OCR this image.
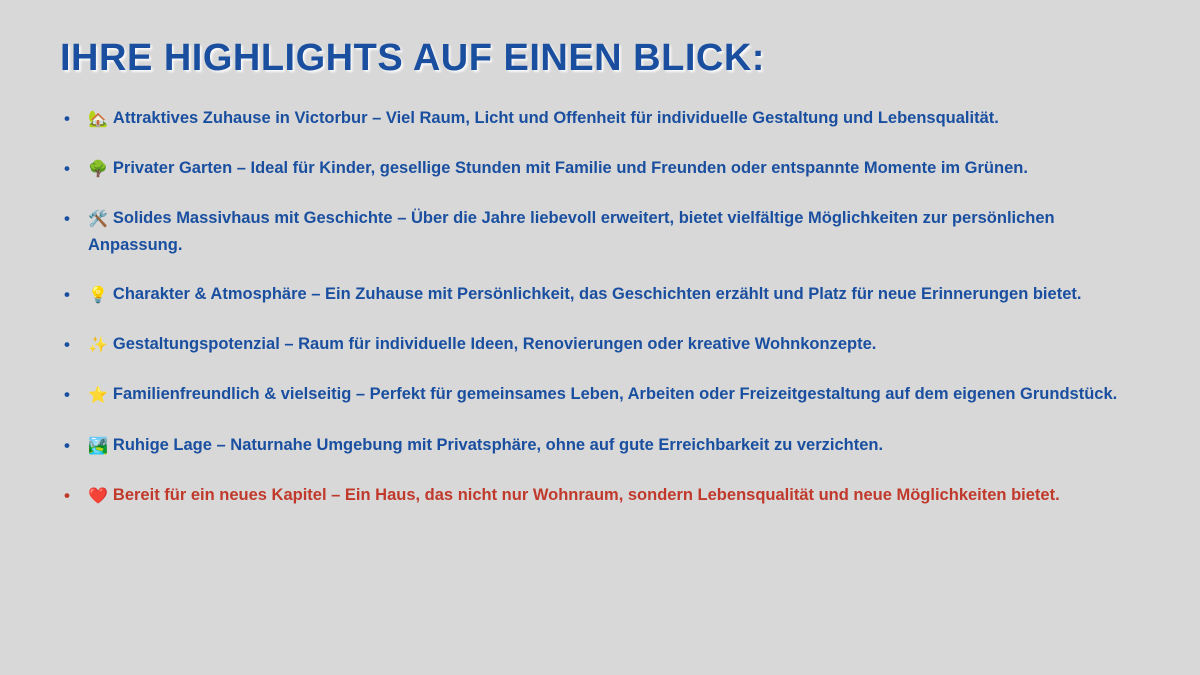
IHRE HIGHLIGHTS AUF EINEN BLICK:
• 🏡 Attraktives Zuhause in Victorbur – Viel Raum, Licht und Offenheit für individuelle Gestaltung und Lebensqualität.
• 🌳 Privater Garten – Ideal für Kinder, gesellige Stunden mit Familie und Freunden oder entspannte Momente im Grünen.
• 🛠️ Solides Massivhaus mit Geschichte – Über die Jahre liebevoll erweitert, bietet vielfältige Möglichkeiten zur persönlichen Anpassung.
• 💡 Charakter & Atmosphäre – Ein Zuhause mit Persönlichkeit, das Geschichten erzählt und Platz für neue Erinnerungen bietet.
• ✨ Gestaltungspotenzial – Raum für individuelle Ideen, Renovierungen oder kreative Wohnkonzepte.
• ⭐ Familienfreundlich & vielseitig – Perfekt für gemeinsames Leben, Arbeiten oder Freizeitgestaltung auf dem eigenen Grundstück.
• 🏞️ Ruhige Lage – Naturnahe Umgebung mit Privatsphäre, ohne auf gute Erreichbarkeit zu verzichten.
• ❤️ Bereit für ein neues Kapitel – Ein Haus, das nicht nur Wohnraum, sondern Lebensqualität und neue Möglichkeiten bietet.
